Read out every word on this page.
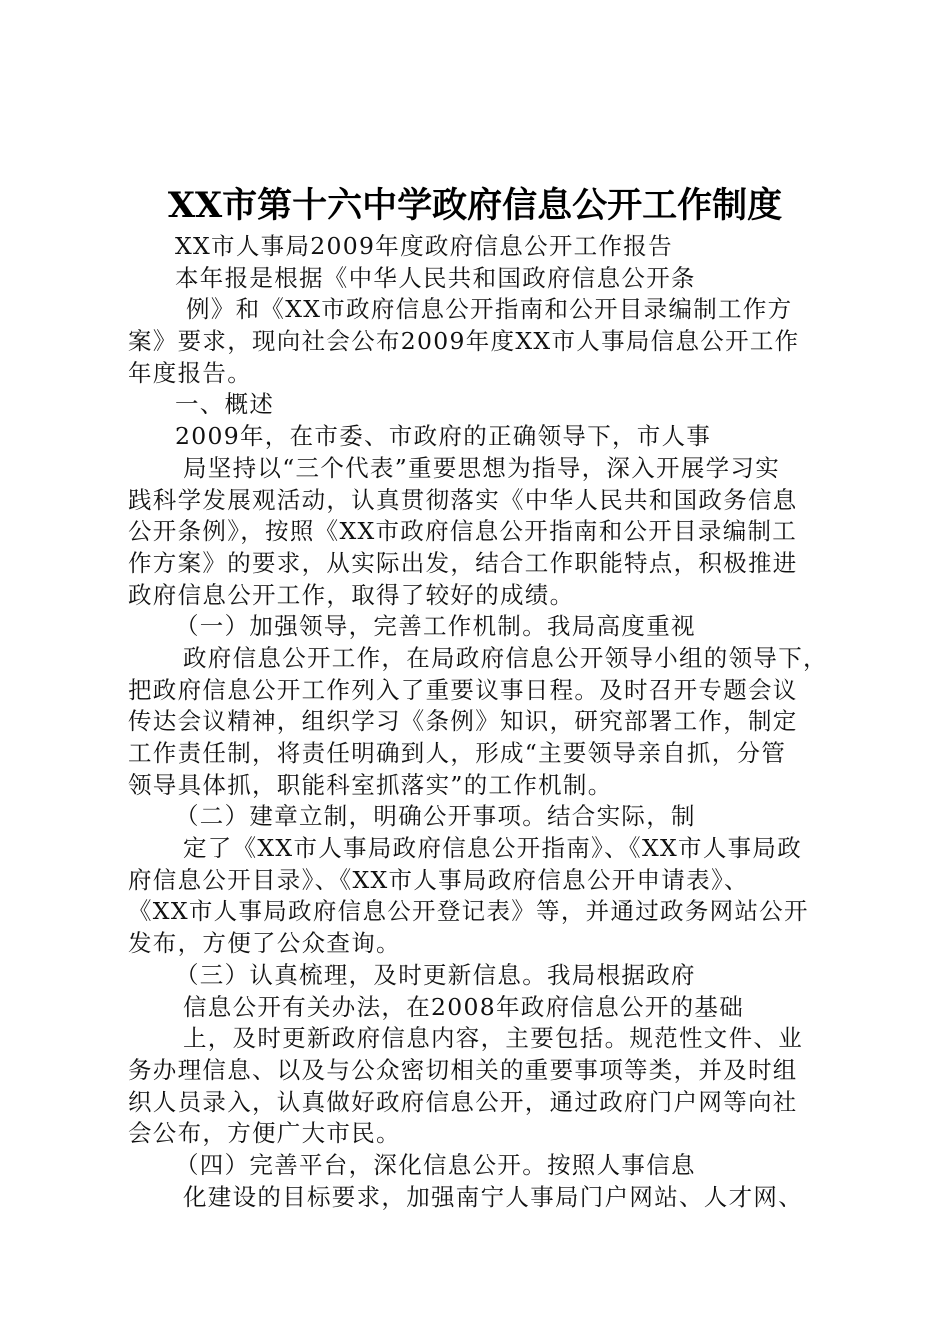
XX市第十六中学政府信息公开工作制度
XX市人事局2009年度政府信息公开工作报告
本年报是根据《中华人民共和国政府信息公开条
例》和《XX市政府信息公开指南和公开目录编制工作方
案》要求，现向社会公布2009年度XX市人事局信息公开工作
年度报告。
一、概述
2009年，在市委、市政府的正确领导下，市人事
局坚持以“三个代表”重要思想为指导，深入开展学习实
践科学发展观活动，认真贯彻落实《中华人民共和国政务信息
公开条例》，按照《XX市政府信息公开指南和公开目录编制工
作方案》的要求，从实际出发，结合工作职能特点，积极推进
政府信息公开工作，取得了较好的成绩。
（一）加强领导，完善工作机制。我局高度重视
政府信息公开工作，在局政府信息公开领导小组的领导下，
把政府信息公开工作列入了重要议事日程。及时召开专题会议
传达会议精神，组织学习《条例》知识，研究部署工作，制定
工作责任制，将责任明确到人，形成“主要领导亲自抓，分管
领导具体抓，职能科室抓落实”的工作机制。
（二）建章立制，明确公开事项。结合实际，制
定了《XX市人事局政府信息公开指南》、《XX市人事局政
府信息公开目录》、《XX市人事局政府信息公开申请表》、
《XX市人事局政府信息公开登记表》等，并通过政务网站公开
发布，方便了公众查询。
（三）认真梳理，及时更新信息。我局根据政府
信息公开有关办法，在2008年政府信息公开的基础
上，及时更新政府信息内容，主要包括。规范性文件、业
务办理信息、以及与公众密切相关的重要事项等类，并及时组
织人员录入，认真做好政府信息公开，通过政府门户网等向社
会公布，方便广大市民。
（四）完善平台，深化信息公开。按照人事信息
化建设的目标要求，加强南宁人事局门户网站、人才网、
